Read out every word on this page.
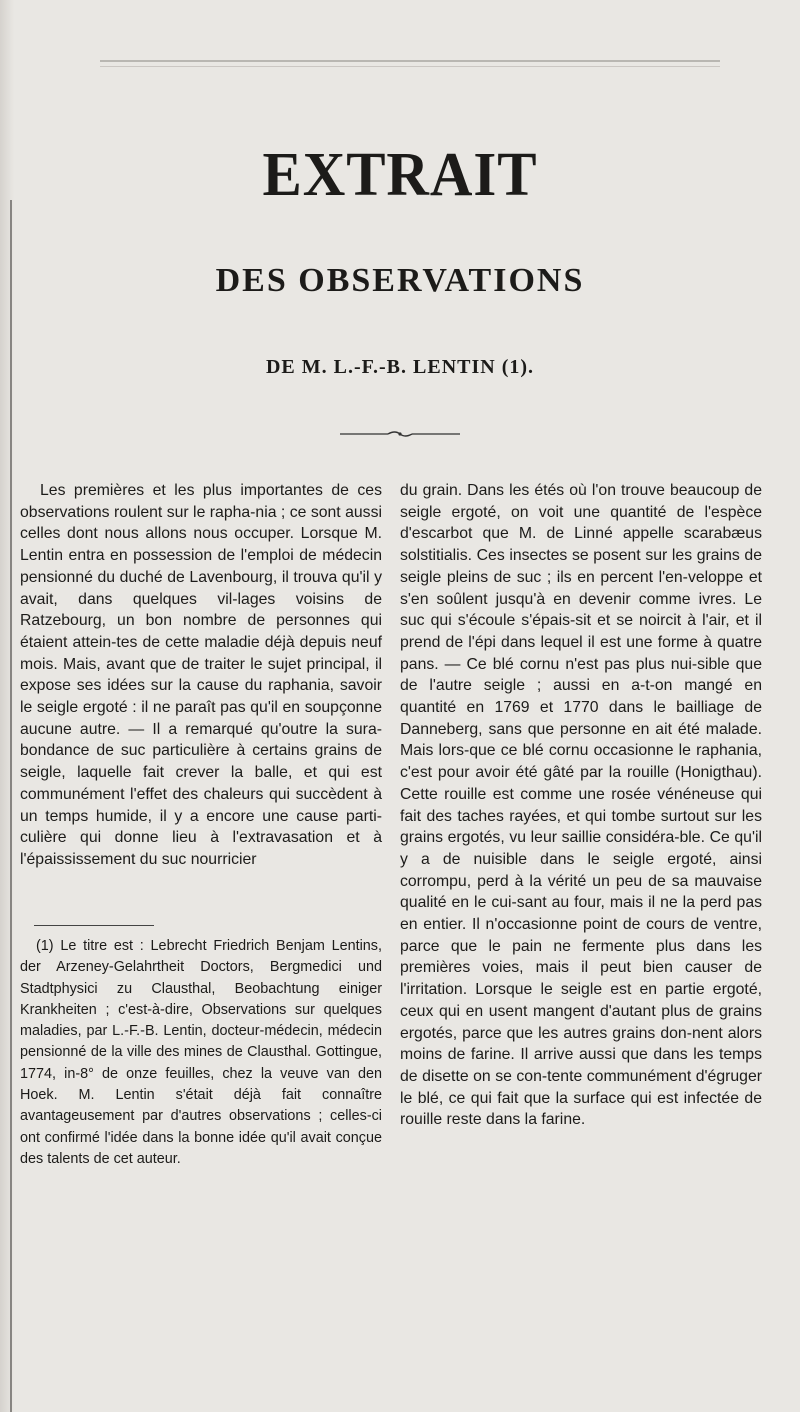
EXTRAIT
DES OBSERVATIONS
DE M. L.-F.-B. LENTIN (1).

Les premières et les plus importantes de ces observations roulent sur le rapha-nia ; ce sont aussi celles dont nous allons nous occuper. Lorsque M. Lentin entra en possession de l'emploi de médecin pensionné du duché de Lavenbourg, il trouva qu'il y avait, dans quelques vil-lages voisins de Ratzebourg, un bon nombre de personnes qui étaient attein-tes de cette maladie déjà depuis neuf mois. Mais, avant que de traiter le sujet principal, il expose ses idées sur la cause du raphania, savoir le seigle ergoté : il ne paraît pas qu'il en soupçonne aucune autre. — Il a remarqué qu'outre la sura-bondance de suc particulière à certains grains de seigle, laquelle fait crever la balle, et qui est communément l'effet des chaleurs qui succèdent à un temps humide, il y a encore une cause parti-culière qui donne lieu à l'extravasation et à l'épaississement du suc nourricier

du grain. Dans les étés où l'on trouve beaucoup de seigle ergoté, on voit une quantité de l'espèce d'escarbot que M. de Linné appelle scarabæus solstitialis. Ces insectes se posent sur les grains de seigle pleins de suc ; ils en percent l'en-veloppe et s'en soûlent jusqu'à en devenir comme ivres. Le suc qui s'écoule s'épais-sit et se noircit à l'air, et il prend de l'épi dans lequel il est une forme à quatre pans. — Ce blé cornu n'est pas plus nui-sible que de l'autre seigle ; aussi en a-t-on mangé en quantité en 1769 et 1770 dans le bailliage de Danneberg, sans que personne en ait été malade. Mais lors-que ce blé cornu occasionne le raphania, c'est pour avoir été gâté par la rouille (Honigthau). Cette rouille est comme une rosée vénéneuse qui fait des taches rayées, et qui tombe surtout sur les grains ergotés, vu leur saillie considéra-ble. Ce qu'il y a de nuisible dans le seigle ergoté, ainsi corrompu, perd à la vérité un peu de sa mauvaise qualité en le cui-sant au four, mais il ne la perd pas en entier. Il n'occasionne point de cours de ventre, parce que le pain ne fermente plus dans les premières voies, mais il peut bien causer de l'irritation. Lorsque le seigle est en partie ergoté, ceux qui en usent mangent d'autant plus de grains ergotés, parce que les autres grains don-nent alors moins de farine. Il arrive aussi que dans les temps de disette on se con-tente communément d'égruger le blé, ce qui fait que la surface qui est infectée de rouille reste dans la farine.

(1) Le titre est : Lebrecht Friedrich Benjam Lentins, der Arzeney-Gelahrtheit Doctors, Bergmedici und Stadtphysici zu Clausthal, Beobachtung einiger Krankheiten ; c'est-à-dire, Observations sur quelques maladies, par L.-F.-B. Lentin, docteur-médecin, médecin pensionné de la ville des mines de Clausthal. Gottingue, 1774, in-8° de onze feuilles, chez la veuve van den Hoek. M. Lentin s'était déjà fait connaître avantageusement par d'autres observations ; celles-ci ont confirmé l'idée dans la bonne idée qu'il avait conçue des talents de cet auteur.
